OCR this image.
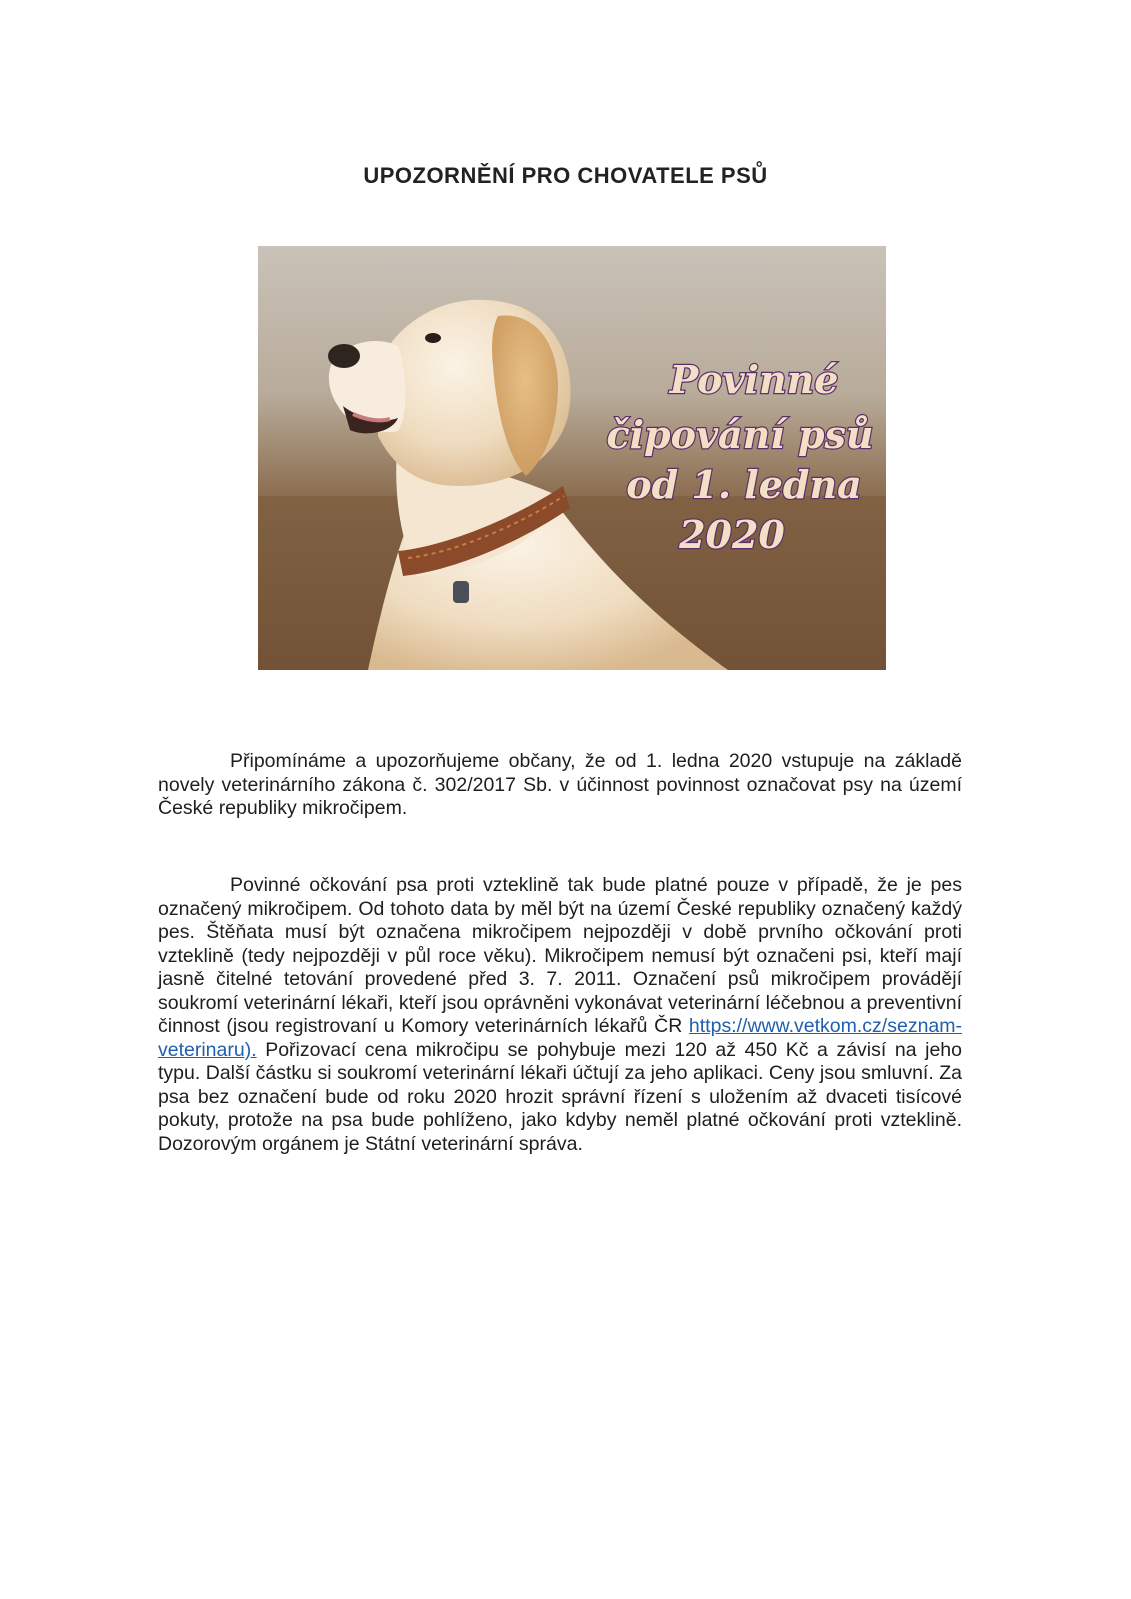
UPOZORNĚNÍ PRO CHOVATELE PSŮ
Povinné
čipování psů
od 1. ledna
2020
Připomínáme a upozorňujeme občany, že od 1. ledna 2020 vstupuje na základě novely veterinárního zákona č. 302/2017 Sb. v účinnost povinnost označovat psy na území České republiky mikročipem.
Povinné očkování psa proti vzteklině tak bude platné pouze v případě, že je pes označený mikročipem. Od tohoto data by měl být na území České republiky označený každý pes. Štěňata musí být označena mikročipem nejpozději v době prvního očkování proti vzteklině (tedy nejpozději v půl roce věku). Mikročipem nemusí být označeni psi, kteří mají jasně čitelné tetování provedené před 3. 7. 2011. Označení psů mikročipem provádějí soukromí veterinární lékaři, kteří jsou oprávněni vykonávat veterinární léčebnou a preventivní činnost (jsou registrovaní u Komory veterinárních lékařů ČR https://www.vetkom.cz/seznam-veterinaru). Pořizovací cena mikročipu se pohybuje mezi 120 až 450 Kč a závisí na jeho typu. Další částku si soukromí veterinární lékaři účtují za jeho aplikaci. Ceny jsou smluvní. Za psa bez označení bude od roku 2020 hrozit správní řízení s uložením až dvaceti tisícové pokuty, protože na psa bude pohlíženo, jako kdyby neměl platné očkování proti vzteklině. Dozorovým orgánem je Státní veterinární správa.
